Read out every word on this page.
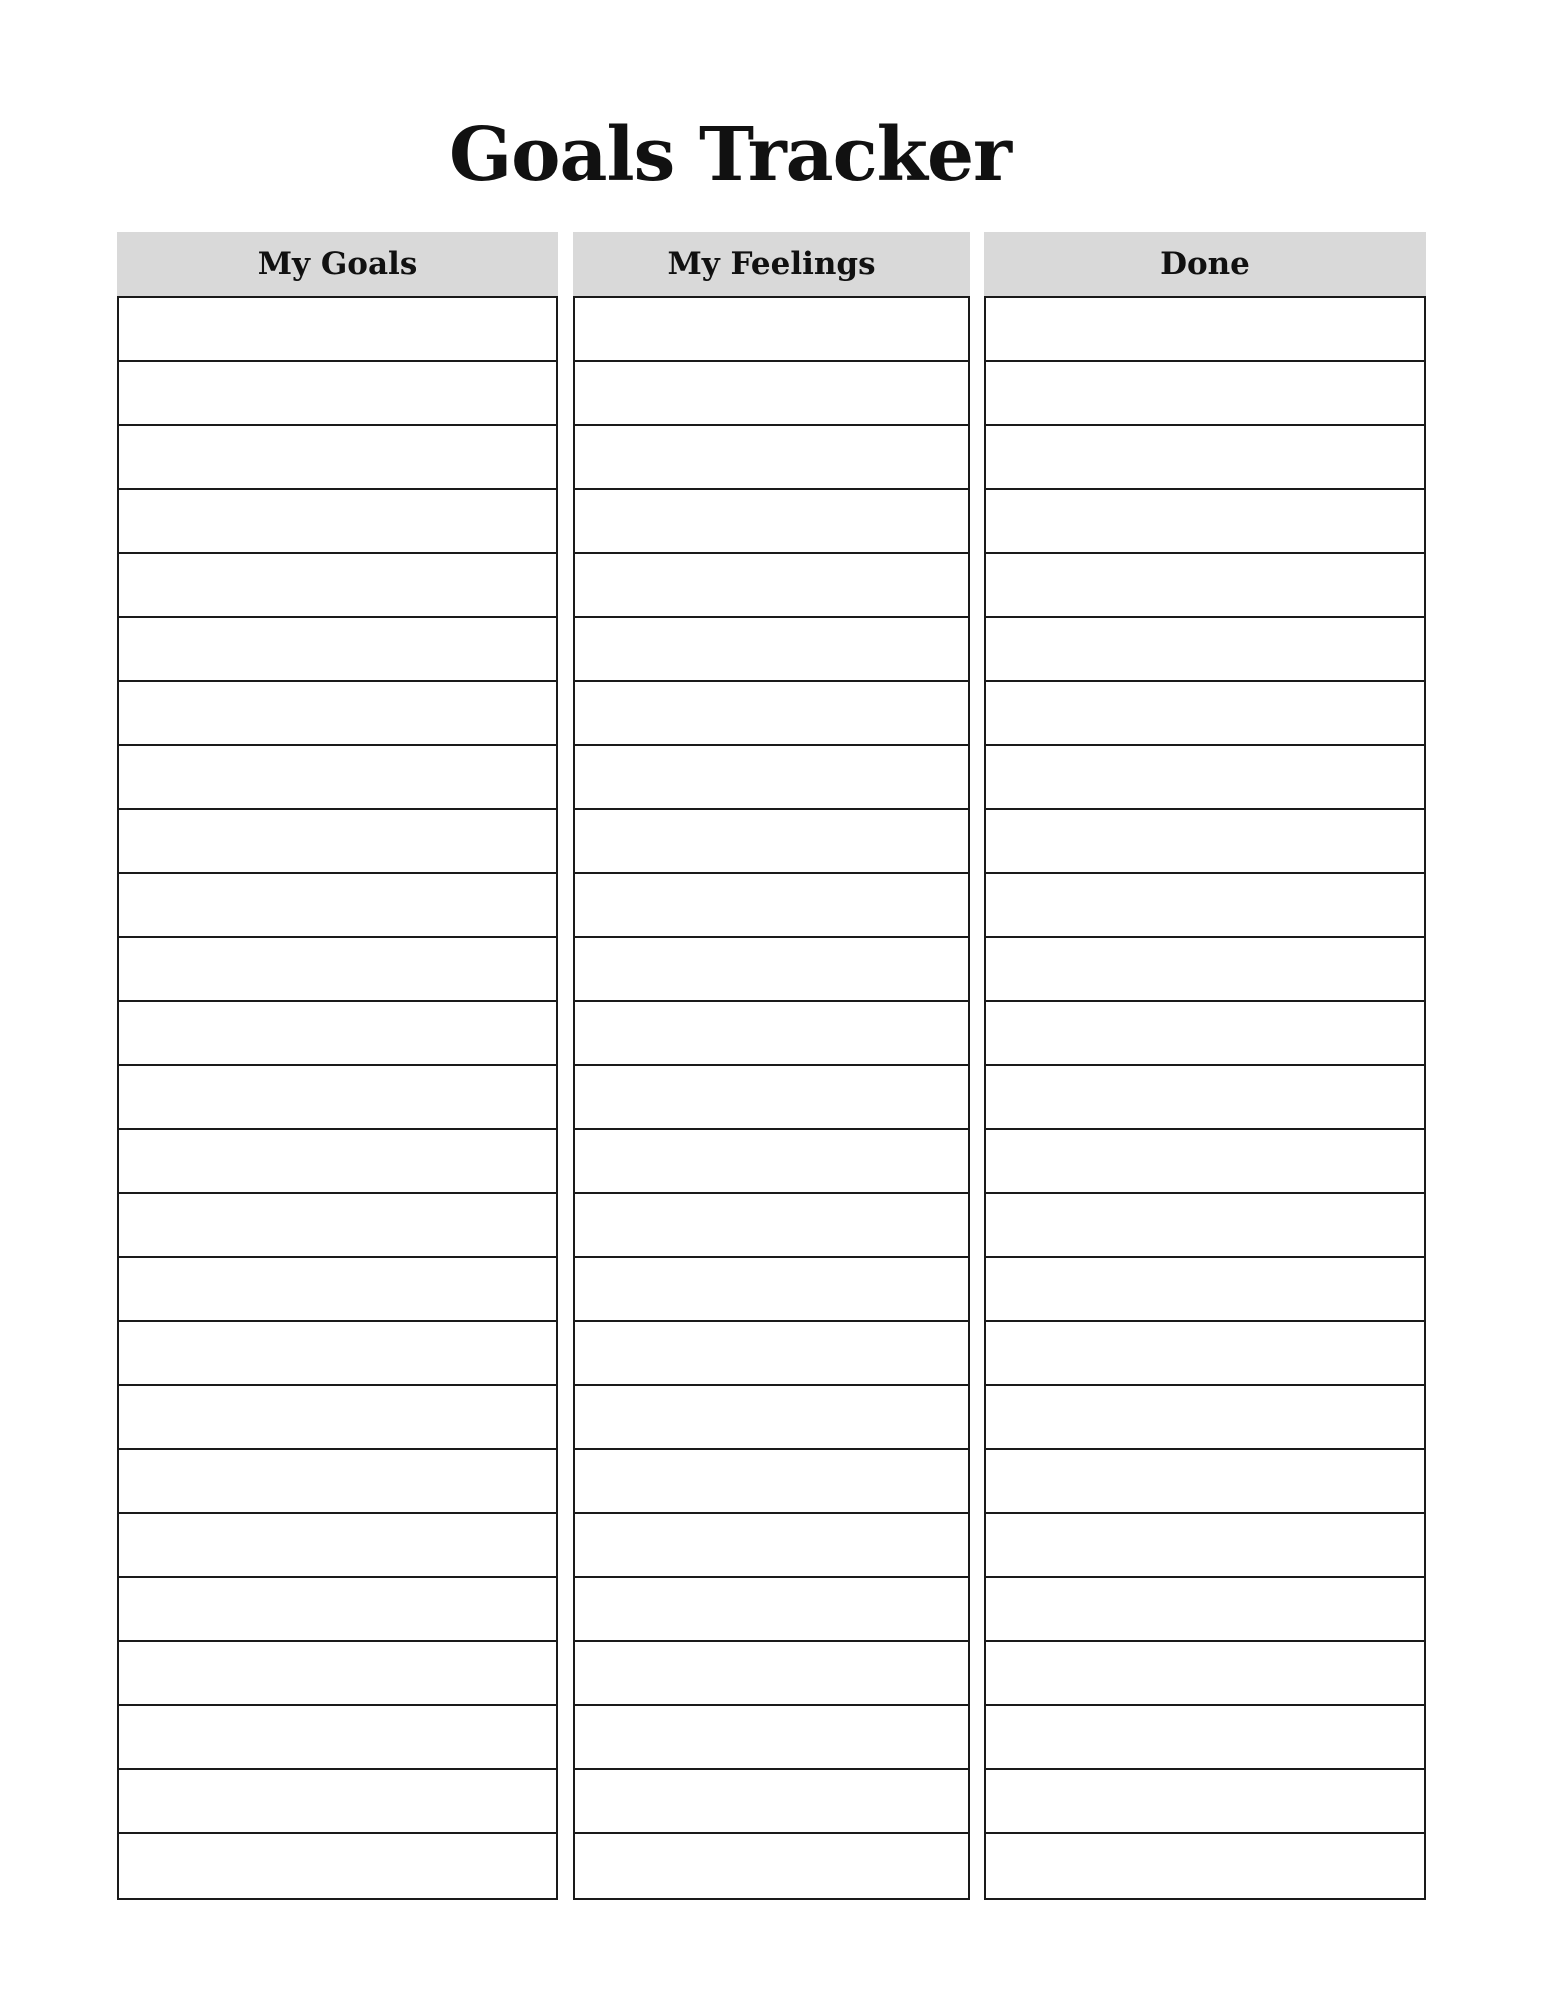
Goals Tracker
My Goals	My Feelings	Done
